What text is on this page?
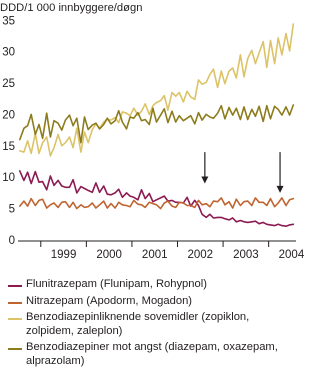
DDD/1 000 innbyggere/døgn
0
5
10
15
20
25
30
35
1999 2000 2001 2002 2003 2004
Flunitrazepam (Flunipam, Rohypnol)
Nitrazepam (Apodorm, Mogadon)
Benzodiazepinliknende sovemidler (zopiklon, zolpidem, zaleplon)
Benzodiazepiner mot angst (diazepam, oxazepam, alprazolam)
